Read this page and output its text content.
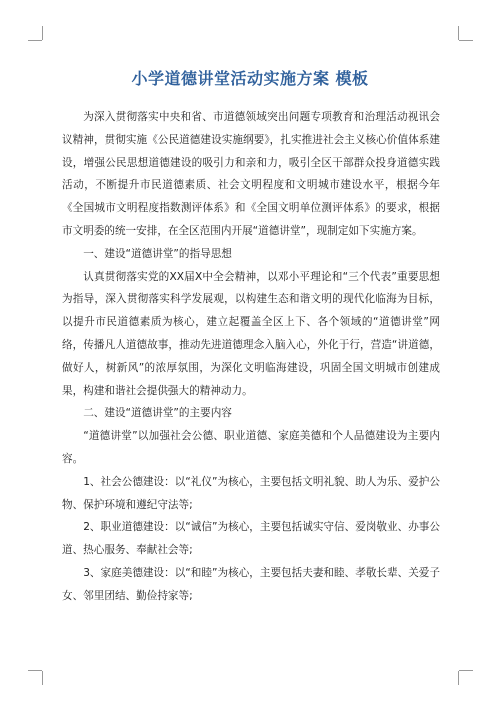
小学道德讲堂活动实施方案 模板

为深入贯彻落实中央和省、市道德领域突出问题专项教育和治理活动视讯会议精神，贯彻实施《公民道德建设实施纲要》，扎实推进社会主义核心价值体系建设，增强公民思想道德建设的吸引力和亲和力，吸引全区干部群众投身道德实践活动，不断提升市民道德素质、社会文明程度和文明城市建设水平，根据今年《全国城市文明程度指数测评体系》和《全国文明单位测评体系》的要求，根据市文明委的统一安排，在全区范围内开展“道德讲堂”，现制定如下实施方案。

一、建设“道德讲堂”的指导思想

认真贯彻落实党的XX届X中全会精神，以邓小平理论和“三个代表”重要思想为指导，深入贯彻落实科学发展观，以构建生态和谐文明的现代化临海为目标，以提升市民道德素质为核心，建立起覆盖全区上下、各个领域的“道德讲堂”网络，传播凡人道德故事，推动先进道德理念入脑入心，外化于行，营造“讲道德，做好人，树新风”的浓厚氛围，为深化文明临海建设，巩固全国文明城市创建成果，构建和谐社会提供强大的精神动力。

二、建设“道德讲堂”的主要内容

“道德讲堂”以加强社会公德、职业道德、家庭美德和个人品德建设为主要内容。

1、社会公德建设：以“礼仪”为核心，主要包括文明礼貌、助人为乐、爱护公物、保护环境和遵纪守法等;

2、职业道德建设：以“诚信”为核心，主要包括诚实守信、爱岗敬业、办事公道、热心服务、奉献社会等;

3、家庭美德建设：以“和睦”为核心，主要包括夫妻和睦、孝敬长辈、关爱子女、邻里团结、勤俭持家等;
